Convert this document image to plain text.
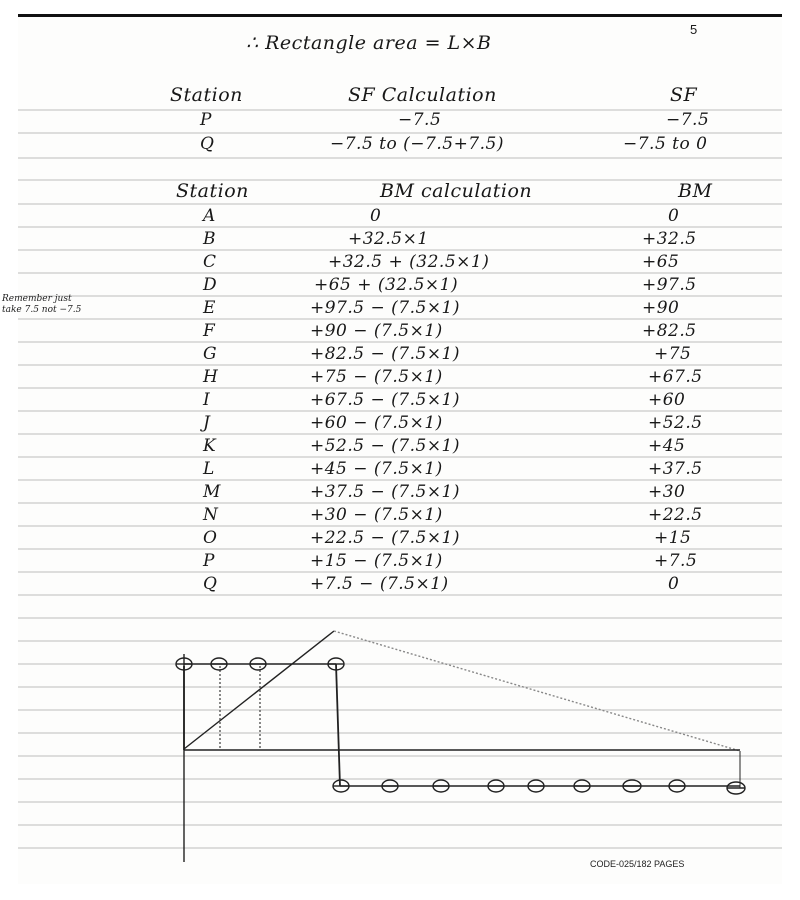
5
∴ Rectangle area = L×B
Station	SF Calculation	SF
P	−7.5	−7.5
Q	−7.5 to (−7.5+7.5)	−7.5 to 0
Station	BM calculation	BM
A	0	0
B	+32.5×1	+32.5
C	+32.5 + (32.5×1)	+65
D	+65 + (32.5×1)	+97.5
E	+97.5 − (7.5×1)	+90
F	+90 − (7.5×1)	+82.5
G	+82.5 − (7.5×1)	+75
H	+75 − (7.5×1)	+67.5
I	+67.5 − (7.5×1)	+60
J	+60 − (7.5×1)	+52.5
K	+52.5 − (7.5×1)	+45
L	+45 − (7.5×1)	+37.5
M	+37.5 − (7.5×1)	+30
N	+30 − (7.5×1)	+22.5
O	+22.5 − (7.5×1)	+15
P	+15 − (7.5×1)	+7.5
Q	+7.5 − (7.5×1)	0
Remember just
take 7.5 not −7.5
CODE-025/182 PAGES
